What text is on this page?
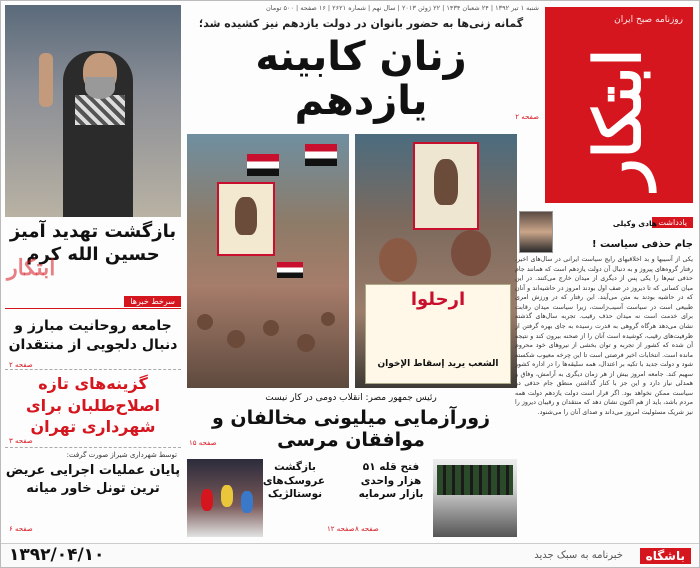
روزنامه صبح ایران
ابتکار
شنبه ۱ تیر ۱۳۹۲ | ۲۴ شعبان ۱۴۳۴ | ۲۲ ژوئن ۲۰۱۳ | سال نهم | شماره ۲۶۲۱ | ۱۶ صفحه | ۵۰۰ تومان
گمانه زنی‌ها به حضور بانوان در دولت یازدهم نیز کشیده شد؛
زنان کابینه یازدهم	صفحه ۲
ارحلوا
الشعب يريد إسقاط الإخوان
رئیس جمهور مصر: انقلاب دومی در کار نیست
زورآزمایی میلیونی مخالفان و موافقان مرسی
صفحه ۱۵
بازگشت تهدید آمیز حسین الله کرم
ابتکار
سرخط خبرها
جامعه روحانیت مبارز و دنبال دلجویی از منتقدان
صفحه ۲
گزینه‌های تازه اصلاح‌طلبان برای شهرداری تهران
صفحه ۳
توسط شهرداری شیراز صورت گرفت:
پایان عملیات اجرایی عریض ترین تونل خاور میانه
صفحه ۶
یادداشت
هادی وکیلی
جام حذفی سیاست !
یکی از آسیبها و بد اخلاقیهای رایج سیاست ایرانی در سال‌های اخیر، رفتار گروه‌های پیروز و به دنبال آن دولت یازدهم است که همانند جام حذفی تیم‌ها را یکی پس از دیگری از میدان خارج می‌کنند. در این میان کسانی که تا دیروز در صف اول بودند امروز در حاشیه‌اند و آنان که در حاشیه بودند به متن می‌آیند. این رفتار که در ورزش امری طبیعی است در سیاست آسیب‌زاست، زیرا سیاست میدان رقابت برای خدمت است نه میدان حذف رقیب. تجربه سال‌های گذشته نشان می‌دهد هرگاه گروهی به قدرت رسیده به جای بهره گرفتن از ظرفیت‌های رقیب، کوشیده است آنان را از صحنه بیرون کند و نتیجه آن شده که کشور از تجربه و توان بخشی از نیروهای خود محروم مانده است. انتخابات اخیر فرصتی است تا این چرخه معیوب شکسته شود و دولت جدید با تکیه بر اعتدال، همه سلیقه‌ها را در اداره کشور سهیم کند. جامعه امروز بیش از هر زمان دیگری به آرامش، وفاق و همدلی نیاز دارد و این جز با کنار گذاشتن منطق جام حذفی در سیاست ممکن نخواهد بود. اگر قرار است دولت یازدهم دولت همه مردم باشد، باید از هم اکنون نشان دهد که منتقدان و رقیبان دیروز را نیز شریک مسئولیت امروز می‌داند و صدای آنان را می‌شنود.
بازگشت عروسک‌های نوستالژیک
صفحه ۱۲
فتح قله ۵۱ هزار واحدی بازار سرمایه
صفحه ۸
۱۳۹۲/۰۴/۱۰	خبرنامه به سبک جدید	باشگاه
